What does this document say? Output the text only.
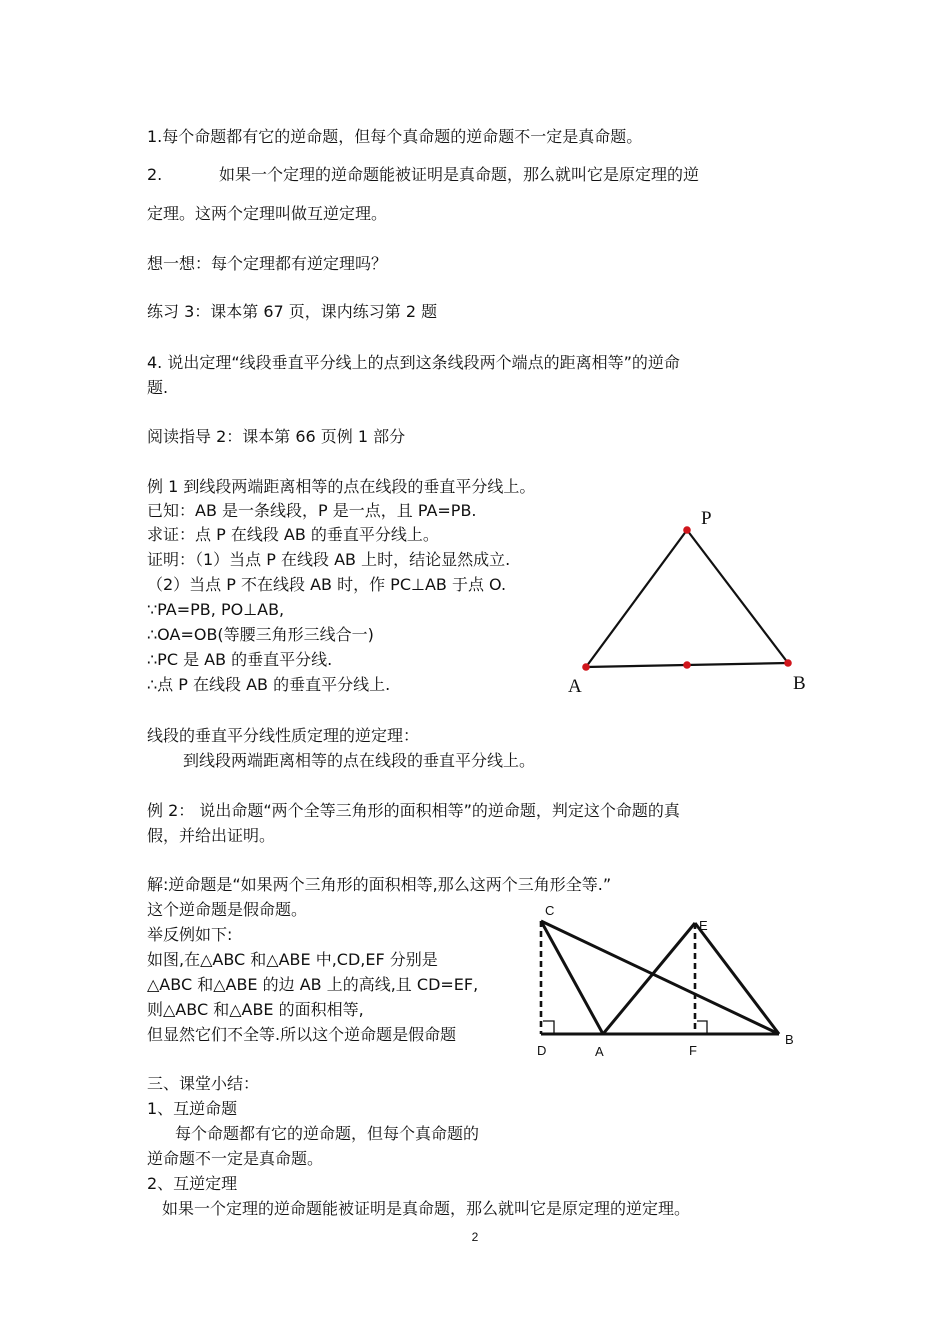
1.每个命题都有它的逆命题，但每个真命题的逆命题不一定是真命题。
2.	如果一个定理的逆命题能被证明是真命题，那么就叫它是原定理的逆
定理。这两个定理叫做互逆定理。
想一想：每个定理都有逆定理吗？
练习 3：课本第 67 页，课内练习第 2 题
4. 说出定理“线段垂直平分线上的点到这条线段两个端点的距离相等”的逆命
题.
阅读指导 2：课本第 66 页例 1 部分
例 1 到线段两端距离相等的点在线段的垂直平分线上。
已知：AB 是一条线段，P 是一点，且 PA=PB.
求证：点 P 在线段 AB 的垂直平分线上。
证明：（1）当点 P 在线段 AB 上时，结论显然成立.
（2）当点 P 不在线段 AB 时，作 PC⊥AB 于点 O.
∵PA=PB, PO⊥AB,
∴OA=OB(等腰三角形三线合一)
∴PC 是 AB 的垂直平分线.
∴点 P 在线段 AB 的垂直平分线上.
P
A	B
线段的垂直平分线性质定理的逆定理：
到线段两端距离相等的点在线段的垂直平分线上。
例 2： 说出命题“两个全等三角形的面积相等”的逆命题，判定这个命题的真
假，并给出证明。
解:逆命题是“如果两个三角形的面积相等,那么这两个三角形全等.”
这个逆命题是假命题。
举反例如下:
如图,在△ABC 和△ABE 中,CD,EF 分别是
△ABC 和△ABE 的边 AB 上的高线,且 CD=EF,
则△ABC 和△ABE 的面积相等,
但显然它们不全等.所以这个逆命题是假命题
C
E
D	A	F
B
三、课堂小结：
1、互逆命题
每个命题都有它的逆命题，但每个真命题的
逆命题不一定是真命题。
2、互逆定理
如果一个定理的逆命题能被证明是真命题，那么就叫它是原定理的逆定理。
2
